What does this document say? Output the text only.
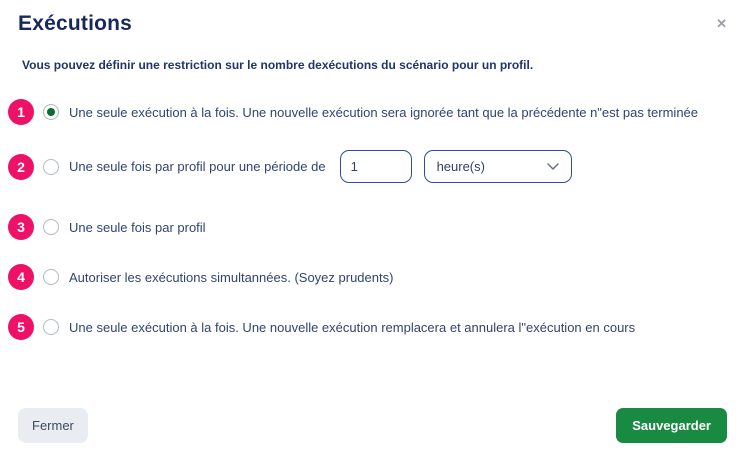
Exécutions	✕

Vous pouvez définir une restriction sur le nombre dexécutions du scénario pour un profil.

1	Une seule exécution à la fois. Une nouvelle exécution sera ignorée tant que la précédente n"est pas terminée
2	Une seule fois par profil pour une période de
1	heure(s)
3	Une seule fois par profil
4	Autoriser les exécutions simultannées. (Soyez prudents)
5	Une seule exécution à la fois. Une nouvelle exécution remplacera et annulera l"exécution en cours
Fermer	Sauvegarder
